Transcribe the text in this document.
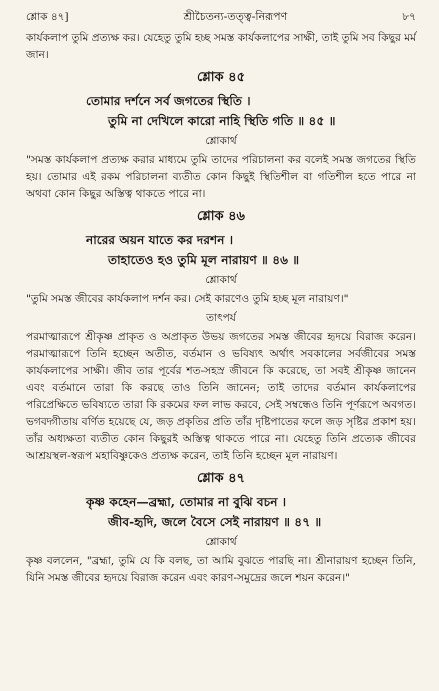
শ্লোক ৪৭]	শ্রীচৈতন্য-তত্ত্ব-নিরূপণ	৮৭

কার্যকলাপ তুমি প্রত্যক্ষ কর। যেহেতু তুমি হচ্ছ সমস্ত কার্যকলাপের সাক্ষী, তাই তুমি সব কিছুর মর্ম জান।

শ্লোক ৪৫
তোমার দর্শনে সর্ব জগতের স্থিতি ।
তুমি না দেখিলে কারো নাহি স্থিতি গতি ॥ ৪৫ ॥
শ্লোকার্থ

"সমস্ত কার্যকলাপ প্রত্যক্ষ করার মাধ্যমে তুমি তাদের পরিচালনা কর বলেই সমস্ত জগতের স্থিতি হয়। তোমার এই রকম পরিচালনা ব্যতীত কোন কিছুই স্থিতিশীল বা গতিশীল হতে পারে না অথবা কোন কিছুর অস্তিত্ব থাকতে পারে না।

শ্লোক ৪৬
নারের অয়ন যাতে কর দরশন ।
তাহাতেও হও তুমি মূল নারায়ণ ॥ ৪৬ ॥
শ্লোকার্থ

"তুমি সমস্ত জীবের কার্যকলাপ দর্শন কর। সেই কারণেও তুমি হচ্ছ মূল নারায়ণ।"

তাৎপর্য

পরমাত্মারূপে শ্রীকৃষ্ণ প্রাকৃত ও অপ্রাকৃত উভয় জগতের সমস্ত জীবের হৃদয়ে বিরাজ করেন। পরমাত্মারূপে তিনি হচ্ছেন অতীত, বর্তমান ও ভবিষ্যৎ অর্থাৎ সবকালের সর্বজীবের সমস্ত কার্যকলাপের সাক্ষী। জীব তার পূর্বের শত-সহস্র জীবনে কি করেছে, তা সবই শ্রীকৃষ্ণ জানেন এবং বর্তমানে তারা কি করছে তাও তিনি জানেন; তাই তাদের বর্তমান কার্যকলাপের পরিপ্রেক্ষিতে ভবিষ্যতে তারা কি রকমের ফল লাভ করবে, সেই সম্বন্ধেও তিনি পূর্ণরূপে অবগত। ভগবদ্গীতায় বর্ণিত হয়েছে যে, জড় প্রকৃতির প্রতি তাঁর দৃষ্টিপাতের ফলে জড় সৃষ্টির প্রকাশ হয়। তাঁর অধ্যক্ষতা ব্যতীত কোন কিছুরই অস্তিত্ব থাকতে পারে না। যেহেতু তিনি প্রত্যেক জীবের আশ্রয়স্থল-স্বরূপ মহাবিষ্ণুকেও প্রত্যক্ষ করেন, তাই তিনি হচ্ছেন মূল নারায়ণ।

শ্লোক ৪৭
কৃষ্ণ কহেন—ব্রহ্মা, তোমার না বুঝি বচন ।
জীব-হৃদি, জলে বৈসে সেই নারায়ণ ॥ ৪৭ ॥
শ্লোকার্থ

কৃষ্ণ বললেন, "ব্রহ্মা, তুমি যে কি বলছ, তা আমি বুঝতে পারছি না। শ্রীনারায়ণ হচ্ছেন তিনি, যিনি সমস্ত জীবের হৃদয়ে বিরাজ করেন এবং কারণ-সমুদ্রের জলে শয়ন করেন।"
